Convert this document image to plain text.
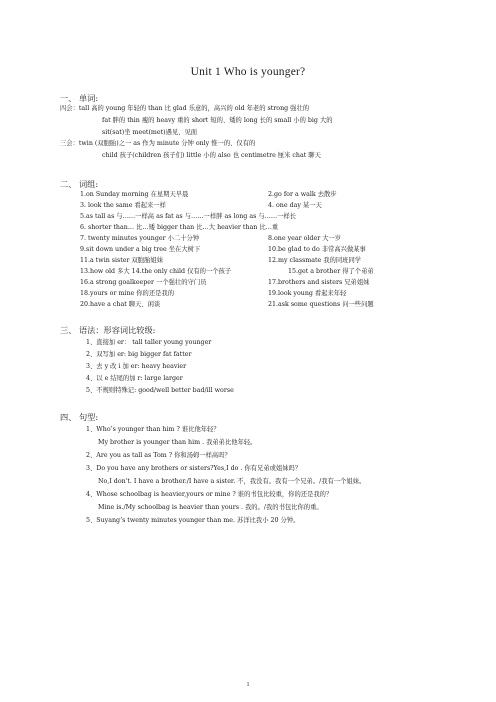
Unit 1 Who is younger?
一、 单词:
四会：tall 高的 young 年轻的 than 比 glad 乐意的，高兴的 old 年老的 strong 强壮的
fat 胖的 thin 瘦的 heavy 重的 short 短的、矮的 long 长的 small 小的 big 大的
sit(sat)坐 meet(met)遇见、见面
三会：twin (双胞胎)之一 as 作为 minute 分钟 only 惟一的、仅有的
child 孩子(children 孩子们) little 小的 also 也 centimetre 厘米 chat 聊天
二、 词组:
1.on Sunday morning 在星期天早晨	2.go for a walk 去散步
3. look the same 看起来一样	4. one day 某一天
5.as tall as 与……一样高 as fat as 与……一样胖 as long as 与……一样长
6. shorter than… 比…矮 bigger than 比…大 heavier than 比…重
7. twenty minutes younger 小二十分钟	8.one year older 大一岁
9.sit down under a big tree 坐在大树下	10.be glad to do 非常高兴做某事
11.a twin sister 双胞胎姐妹	12.my classmate 我的同班同学
13.how old 多大 14.the only child 仅有的一个孩子	15.get a brother 得了个弟弟
16.a strong goalkeeper 一个强壮的守门员	17.brothers and sisters 兄弟姐妹
18.yours or mine 你的还是我的	19.look young 看起来年轻
20.have a chat 聊天、闲谈	21.ask some questions 问一些问题
三、 语法：形容词比较级:
1、直接加 er： tall taller young younger
2、双写加 er: big bigger fat fatter
3、去 y 改 i 加 er: heavy heavier
4、以 e 结尾的加 r: large larger
5、不规则特殊记: good/well better bad/ill worse
四、 句型:
1、Who’s younger than him ? 谁比他年轻？
My brother is younger than him . 我弟弟比他年轻。
2、Are you as tall as Tom ? 你和汤姆一样高吗？
3、Do you have any brothers or sisters?Yes,I do . 你有兄弟或姐妹吗？
No,I don't. I have a brother./I have a sister. 不，我没有。我有一个兄弟。/我有一个姐妹。
4、Whose schoolbag is heavier,yours or mine ? 谁的书包比较重，你的还是我的？
Mine is./My schoolbag is heavier than yours . 我的。/我的书包比你的重。
5、Suyang’s twenty minutes younger than me. 苏洋比我小 20 分钟。
1
